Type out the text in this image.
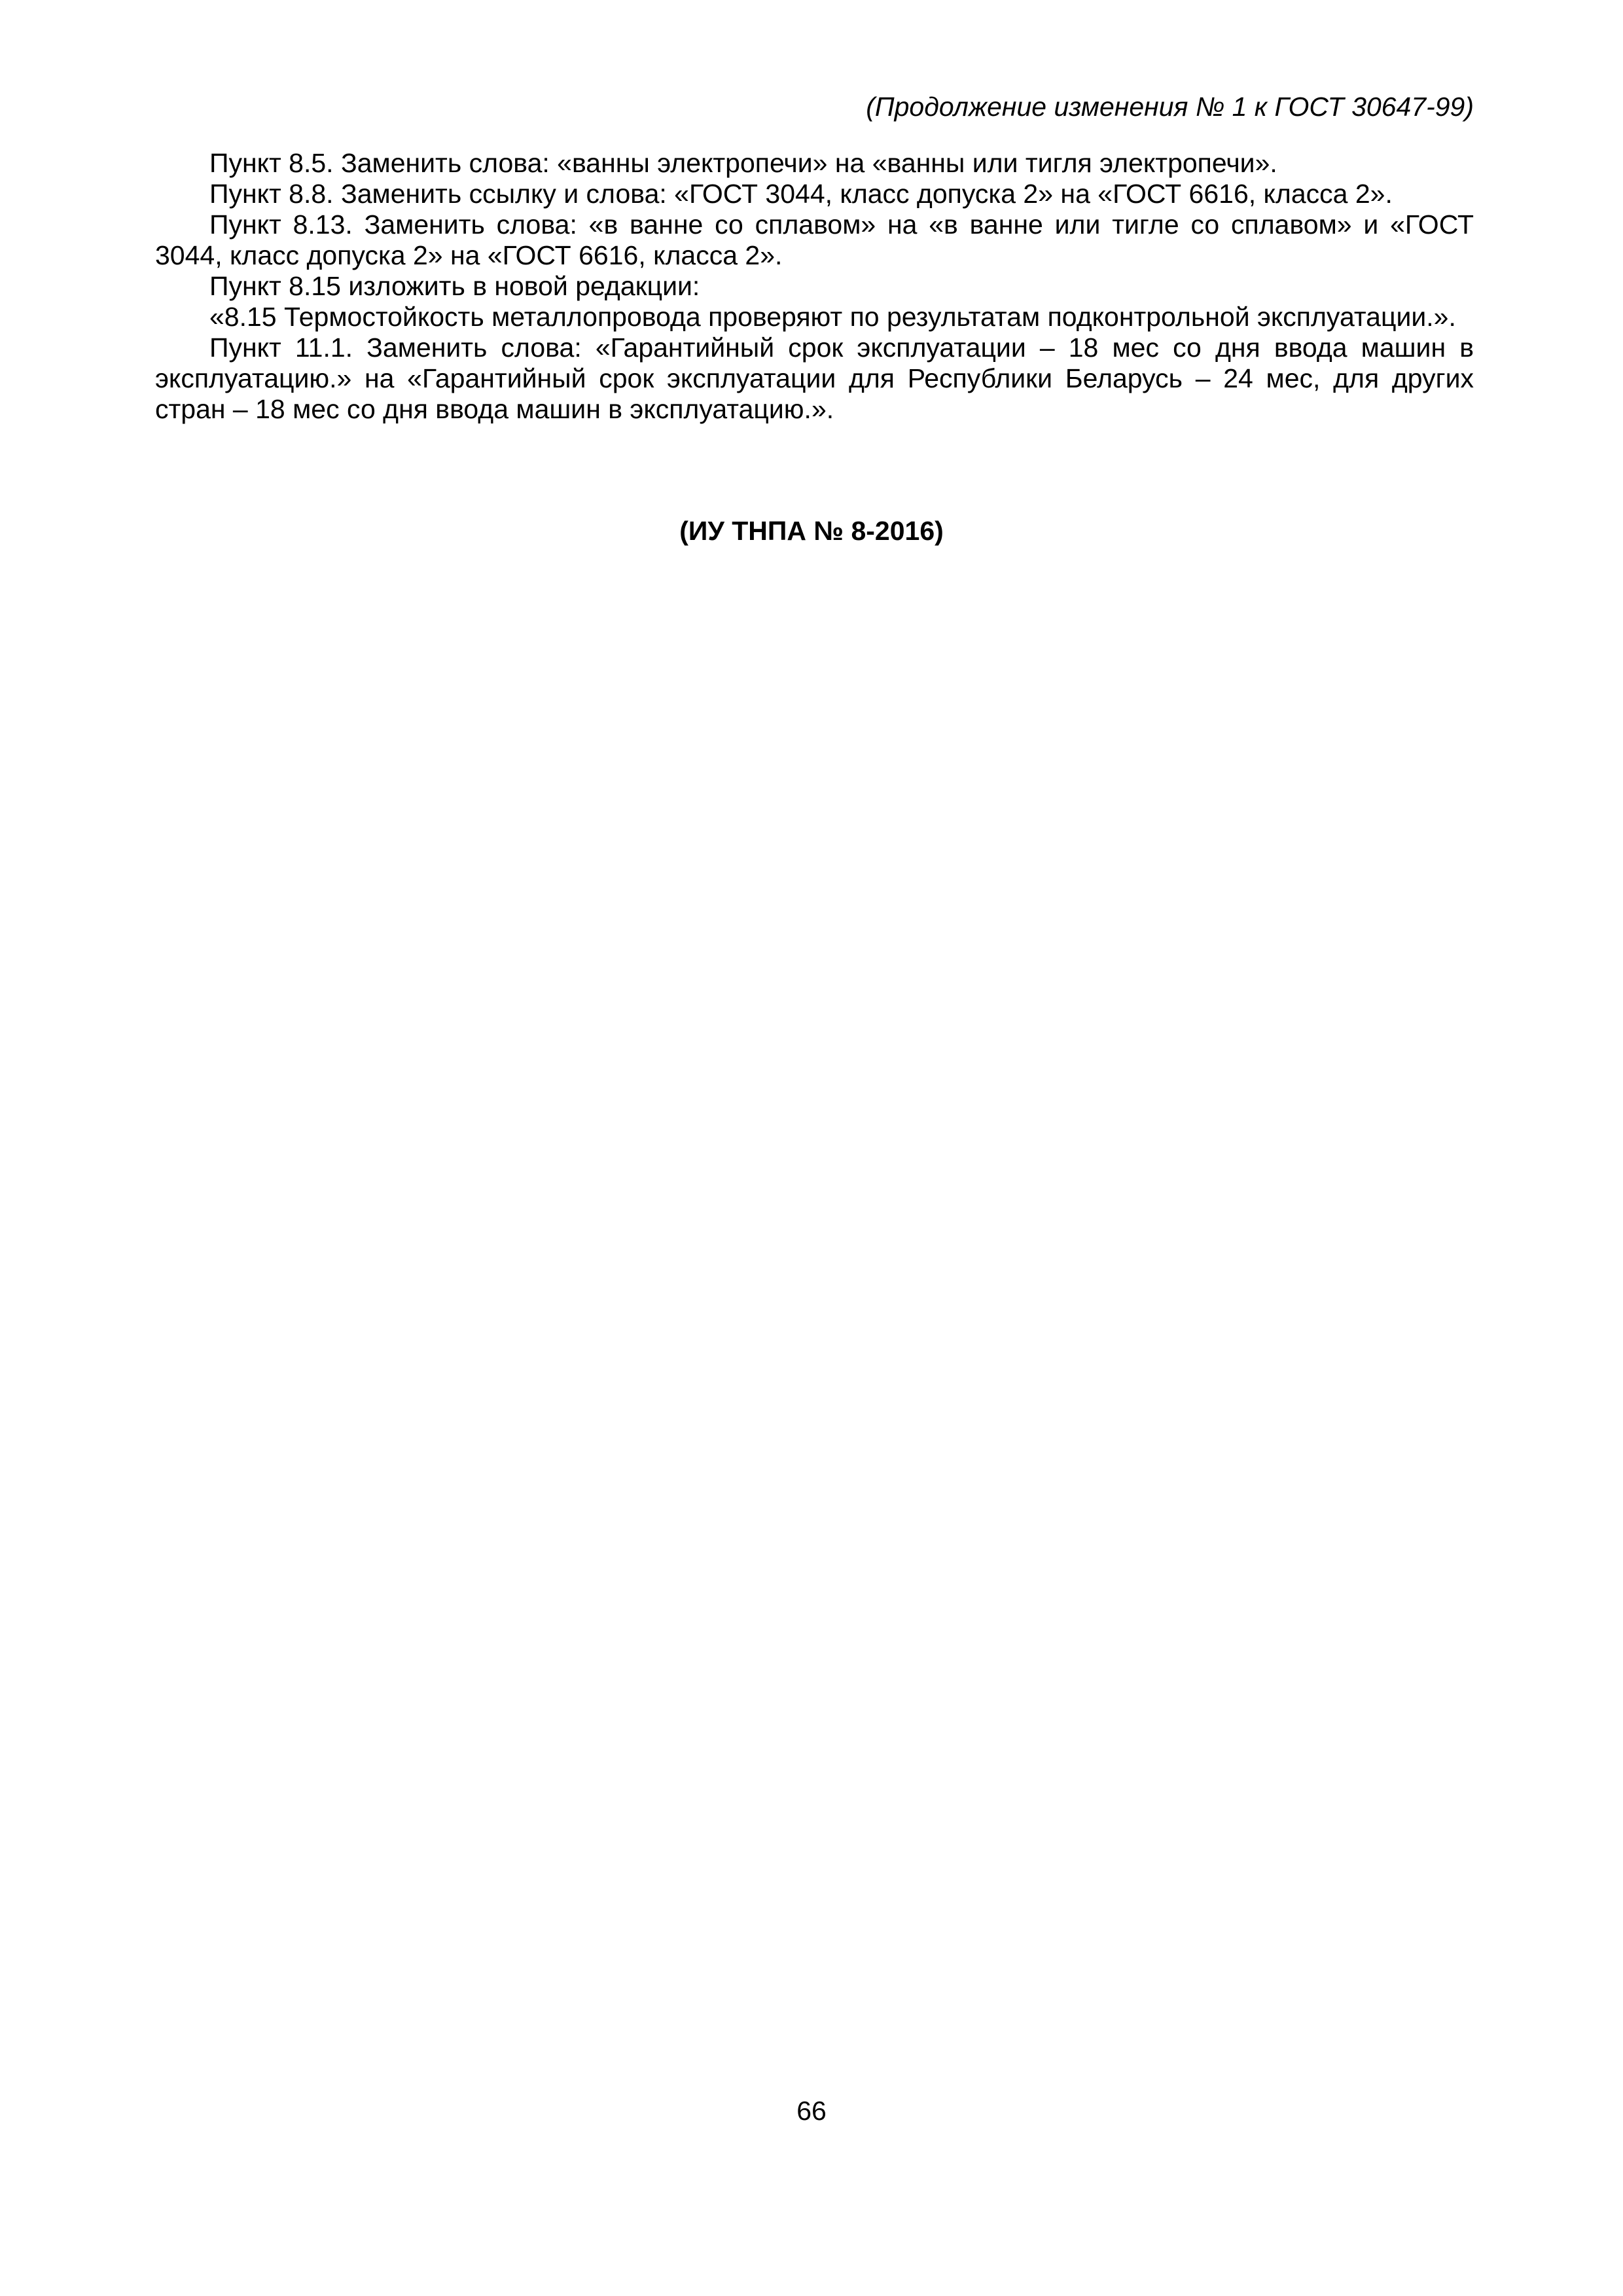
(Продолжение изменения № 1 к ГОСТ 30647-99)

Пункт 8.5. Заменить слова: «ванны электропечи» на «ванны или тигля электропечи».

Пункт 8.8. Заменить ссылку и слова: «ГОСТ 3044, класс допуска 2» на «ГОСТ 6616, класса 2».

Пункт 8.13. Заменить слова: «в ванне со сплавом» на «в ванне или тигле со сплавом» и «ГОСТ 3044, класс допуска 2» на «ГОСТ 6616, класса 2».

Пункт 8.15 изложить в новой редакции:

«8.15 Термостойкость металлопровода проверяют по результатам подконтрольной эксплуатации.».

Пункт 11.1. Заменить слова: «Гарантийный срок эксплуатации – 18 мес со дня ввода машин в эксплуатацию.» на «Гарантийный срок эксплуатации для Республики Беларусь – 24 мес, для других стран – 18 мес со дня ввода машин в эксплуатацию.».

(ИУ ТНПА № 8-2016)
66
